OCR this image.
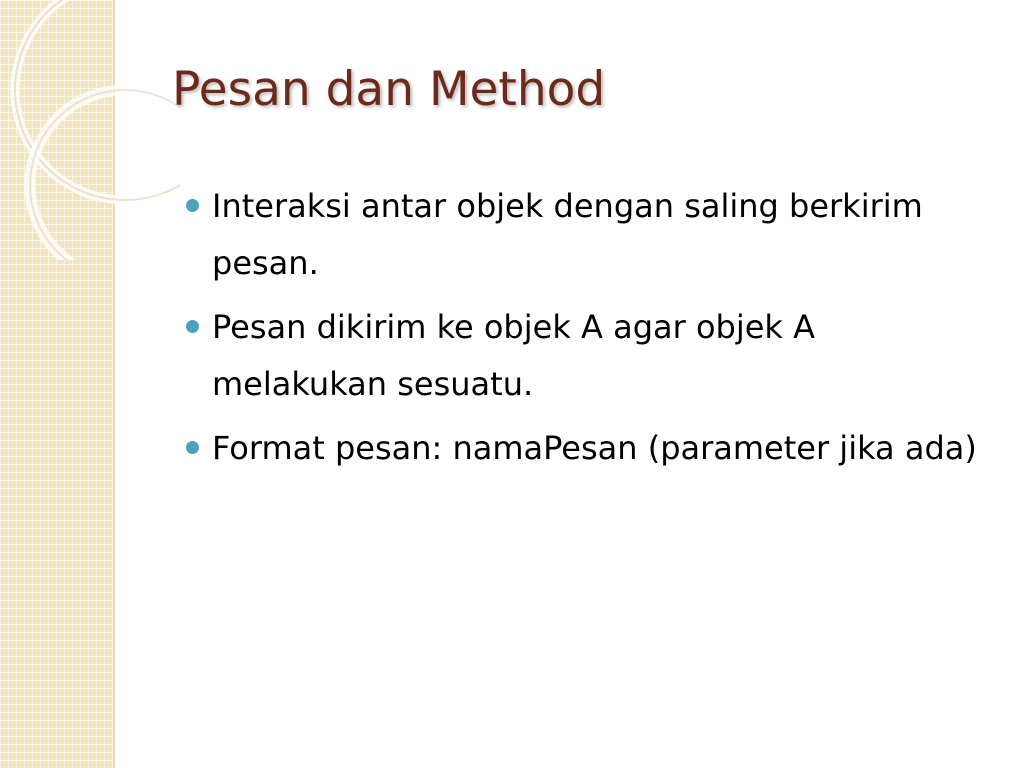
Pesan dan Method
Interaksi antar objek dengan saling berkirim pesan.
Pesan dikirim ke objek A agar objek A melakukan sesuatu.
Format pesan: namaPesan (parameter jika ada)
